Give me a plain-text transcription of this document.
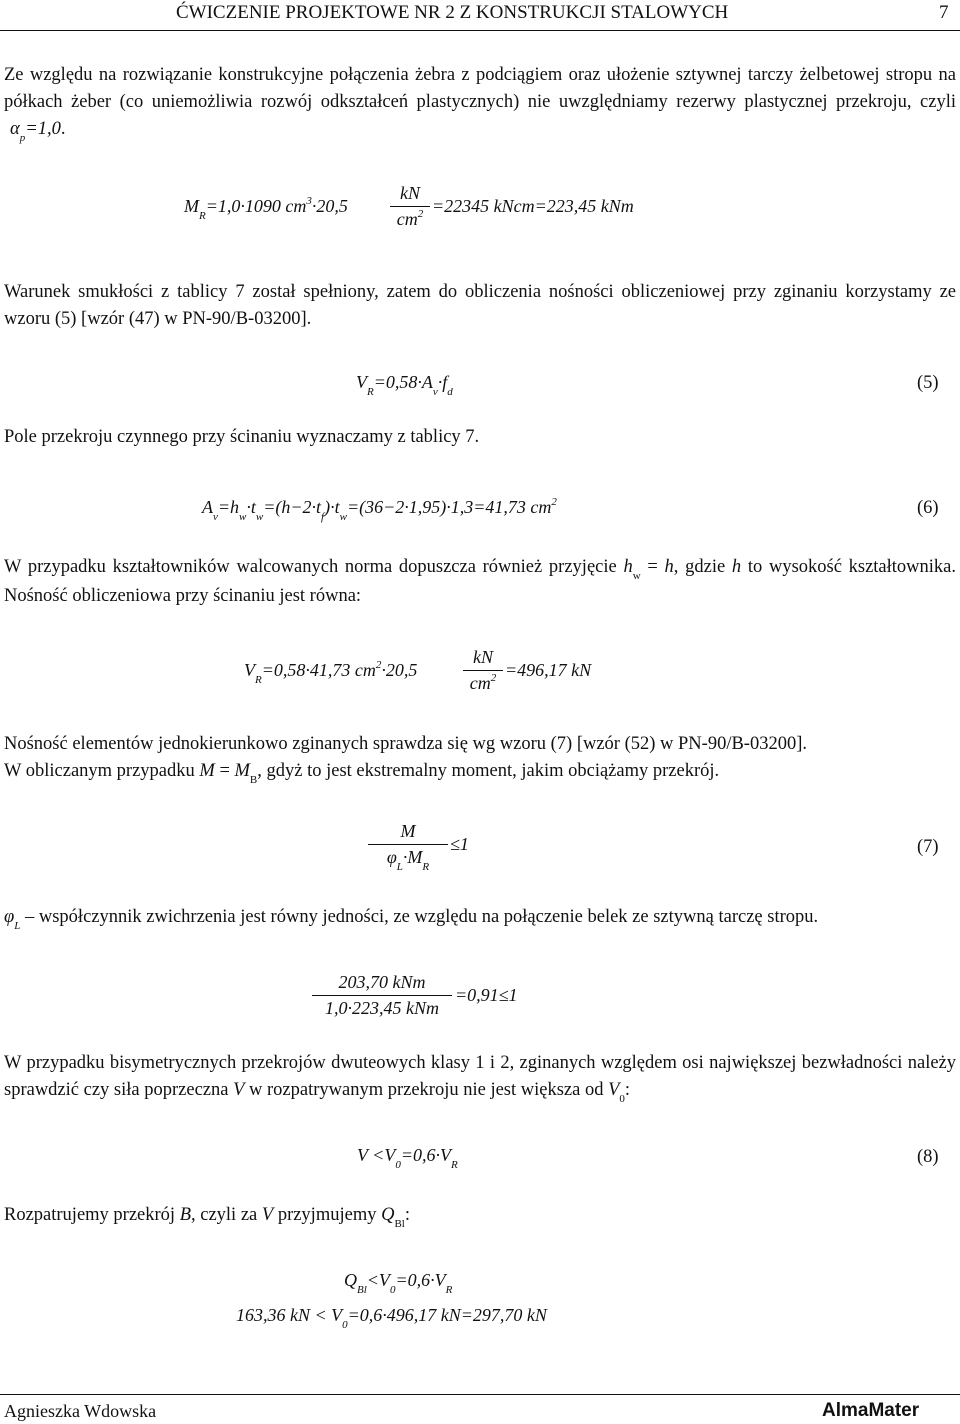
ĆWICZENIE PROJEKTOWE NR 2 Z KONSTRUKCJI STALOWYCH	7
Ze względu na rozwiązanie konstrukcyjne połączenia żebra z podciągiem oraz ułożenie sztywnej tarczy żelbetowej stropu na półkach żeber (co uniemożliwia rozwój odkształceń plastycznych) nie uwzględniamy rezerwy plastycznej przekroju, czyli $\alpha_p=1,0$.
$M_R=1,0\cdot 1090$ $cm^3\cdot 20,5 \frac{kN}{cm^2} =22345$ kNcm=223,45 kNm
Warunek smukłości z tablicy 7 został spełniony, zatem do obliczenia nośności obliczeniowej przy zginaniu korzystamy ze wzoru (5) [wzór (47) w PN-90/B-03200].
$V_R=0,58\cdot A_v\cdot f_d$	(5)
Pole przekroju czynnego przy ścinaniu wyznaczamy z tablicy 7.
$A_v=h_w\cdot t_w=(h-2\cdot t_f)\cdot t_w=(36-2\cdot 1,95)\cdot 1,3=41,73$ $cm^2$	(6)
W przypadku kształtowników walcowanych norma dopuszcza również przyjęcie $h_w = h$, gdzie h to wysokość kształtownika. Nośność obliczeniowa przy ścinaniu jest równa:
$V_R=0,58\cdot 41,73$ $cm^2\cdot 20,5$	$\frac{kN}{cm^2} =496,17$ kN
Nośność elementów jednokierunkowo zginanych sprawdza się wg wzoru (7) [wzór (52) w PN-90/B-03200].
W obliczanym przypadku $M = M_B$, gdyż to jest ekstremalny moment, jakim obciążamy przekrój.
$\frac{M}{\varphi_L\cdot M_R} \le 1$	(7)
$\varphi_L$ – współczynnik zwichrzenia jest równy jedności, ze względu na połączenie belek ze sztywną tarczę stropu.
203,70 kNm
1,0·223,45 kNm
=0,91≤1
W przypadku bisymetrycznych przekrojów dwuteowych klasy 1 i 2, zginanych względem osi największej bezwładności należy sprawdzić czy siła poprzeczna V w rozpatrywanym przekroju nie jest większa od $V_0$:
$V <V_0=0,6\cdot V_R$	(8)
Rozpatrujemy przekrój B, czyli za V przyjmujemy $Q_{Bl}$:
$Q_{Bl}<V_0=0,6\cdot V_R$
163,36 kN < $V_0=0,6\cdot 496,17$ kN=297,70 kN
Agnieszka Wdowska	AlmaMater
